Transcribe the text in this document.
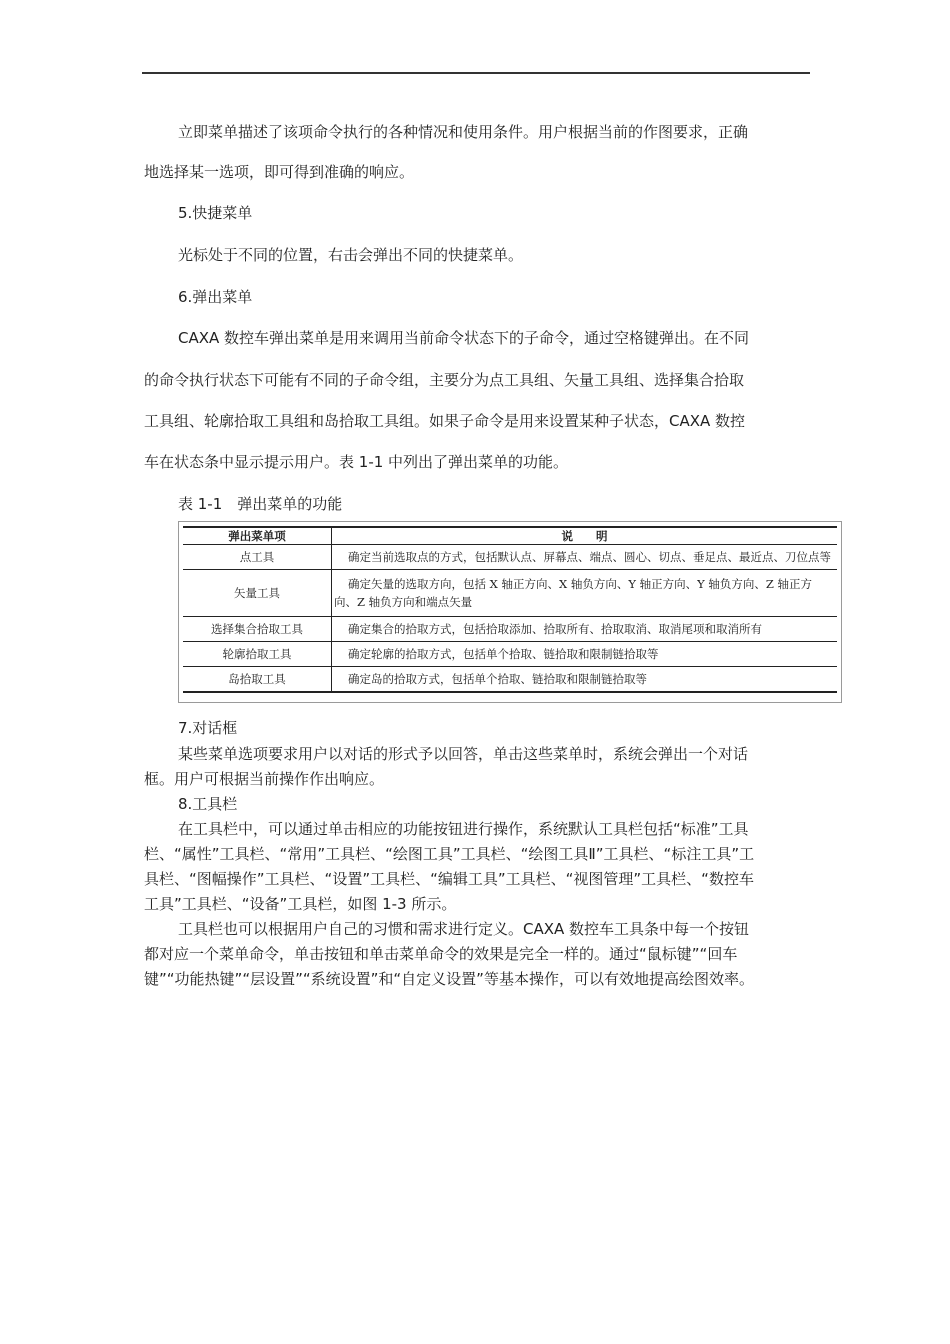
立即菜单描述了该项命令执行的各种情况和使用条件。用户根据当前的作图要求，正确
地选择某一选项，即可得到准确的响应。
5.快捷菜单
光标处于不同的位置，右击会弹出不同的快捷菜单。
6.弹出菜单
CAXA 数控车弹出菜单是用来调用当前命令状态下的子命令，通过空格键弹出。在不同
的命令执行状态下可能有不同的子命令组，主要分为点工具组、矢量工具组、选择集合拾取
工具组、轮廓拾取工具组和岛拾取工具组。如果子命令是用来设置某种子状态，CAXA 数控
车在状态条中显示提示用户。表 1-1 中列出了弹出菜单的功能。
表 1-1　弹出菜单的功能
弹出菜单项	说　　明
点工具	确定当前选取点的方式，包括默认点、屏幕点、端点、圆心、切点、垂足点、最近点、刀位点等
矢量工具	确定矢量的选取方向，包括 X 轴正方向、X 轴负方向、Y 轴正方向、Y 轴负方向、Z 轴正方
向、Z 轴负方向和端点矢量
选择集合拾取工具	确定集合的拾取方式，包括拾取添加、拾取所有、拾取取消、取消尾项和取消所有
轮廓拾取工具	确定轮廓的拾取方式，包括单个拾取、链拾取和限制链拾取等
岛拾取工具	确定岛的拾取方式，包括单个拾取、链拾取和限制链拾取等
7.对话框
某些菜单选项要求用户以对话的形式予以回答，单击这些菜单时，系统会弹出一个对话
框。用户可根据当前操作作出响应。
8.工具栏
在工具栏中，可以通过单击相应的功能按钮进行操作，系统默认工具栏包括“标准”工具
栏、“属性”工具栏、“常用”工具栏、“绘图工具”工具栏、“绘图工具Ⅱ”工具栏、“标注工具”工
具栏、“图幅操作”工具栏、“设置”工具栏、“编辑工具”工具栏、“视图管理”工具栏、“数控车
工具”工具栏、“设备”工具栏，如图 1-3 所示。
工具栏也可以根据用户自己的习惯和需求进行定义。CAXA 数控车工具条中每一个按钮
都对应一个菜单命令，单击按钮和单击菜单命令的效果是完全一样的。通过“鼠标键”“回车
键”“功能热键”“层设置”“系统设置”和“自定义设置”等基本操作，可以有效地提高绘图效率。
